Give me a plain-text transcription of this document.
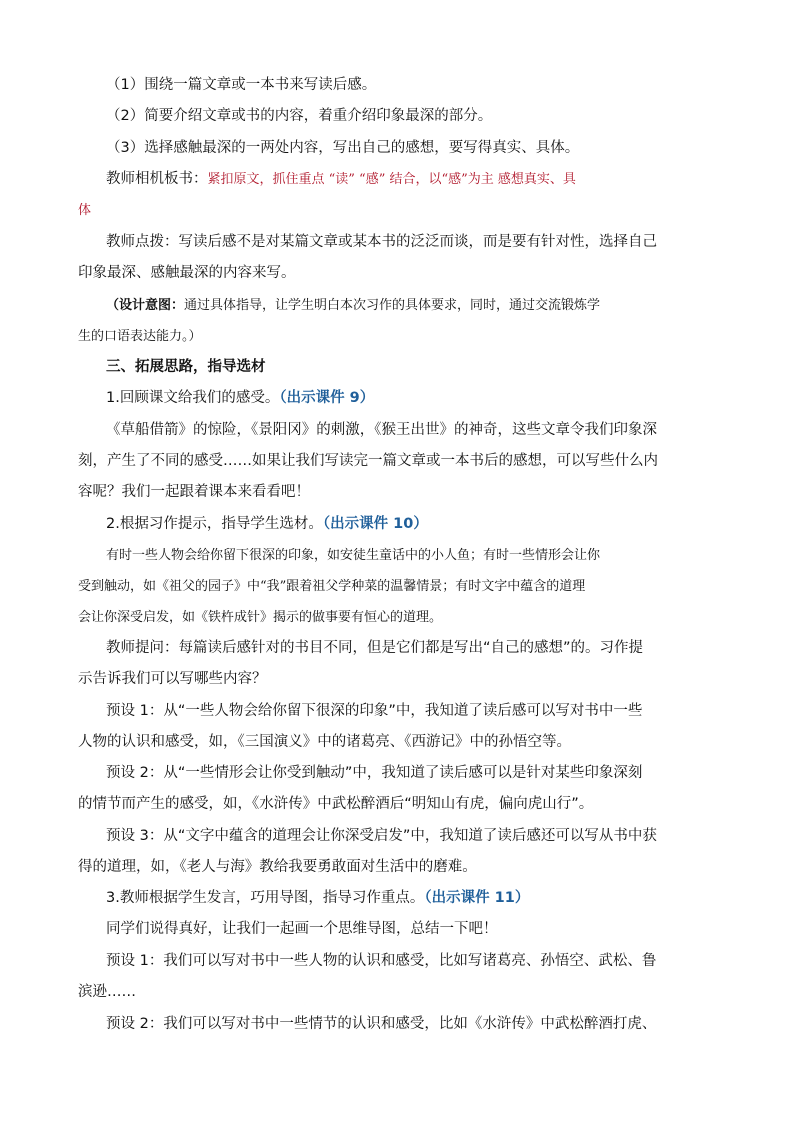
（1）围绕一篇文章或一本书来写读后感。
（2）简要介绍文章或书的内容，着重介绍印象最深的部分。
（3）选择感触最深的一两处内容，写出自己的感想，要写得真实、具体。
教师相机板书：紧扣原文，抓住重点 “读” “感” 结合，以“感”为主 感想真实、具
体
教师点拨：写读后感不是对某篇文章或某本书的泛泛而谈，而是要有针对性，选择自己
印象最深、感触最深的内容来写。
（设计意图：通过具体指导，让学生明白本次习作的具体要求，同时，通过交流锻炼学
生的口语表达能力。）
三、拓展思路，指导选材
1.回顾课文给我们的感受。（出示课件 9）
《草船借箭》的惊险，《景阳冈》的刺激，《猴王出世》的神奇，这些文章令我们印象深
刻，产生了不同的感受……如果让我们写读完一篇文章或一本书后的感想，可以写些什么内
容呢？我们一起跟着课本来看看吧！
2.根据习作提示，指导学生选材。（出示课件 10）
有时一些人物会给你留下很深的印象，如安徒生童话中的小人鱼；有时一些情形会让你
受到触动，如《祖父的园子》中“我”跟着祖父学种菜的温馨情景；有时文字中蕴含的道理
会让你深受启发，如《铁杵成针》揭示的做事要有恒心的道理。
教师提问：每篇读后感针对的书目不同，但是它们都是写出“自己的感想”的。习作提
示告诉我们可以写哪些内容？
预设 1：从“一些人物会给你留下很深的印象”中，我知道了读后感可以写对书中一些
人物的认识和感受，如，《三国演义》中的诸葛亮、《西游记》中的孙悟空等。
预设 2：从“一些情形会让你受到触动”中，我知道了读后感可以是针对某些印象深刻
的情节而产生的感受，如，《水浒传》中武松醉酒后“明知山有虎，偏向虎山行”。
预设 3：从“文字中蕴含的道理会让你深受启发”中，我知道了读后感还可以写从书中获
得的道理，如，《老人与海》教给我要勇敢面对生活中的磨难。
3.教师根据学生发言，巧用导图，指导习作重点。（出示课件 11）
同学们说得真好，让我们一起画一个思维导图，总结一下吧！
预设 1：我们可以写对书中一些人物的认识和感受，比如写诸葛亮、孙悟空、武松、鲁
滨逊……
预设 2：我们可以写对书中一些情节的认识和感受，比如《水浒传》中武松醉酒打虎、
